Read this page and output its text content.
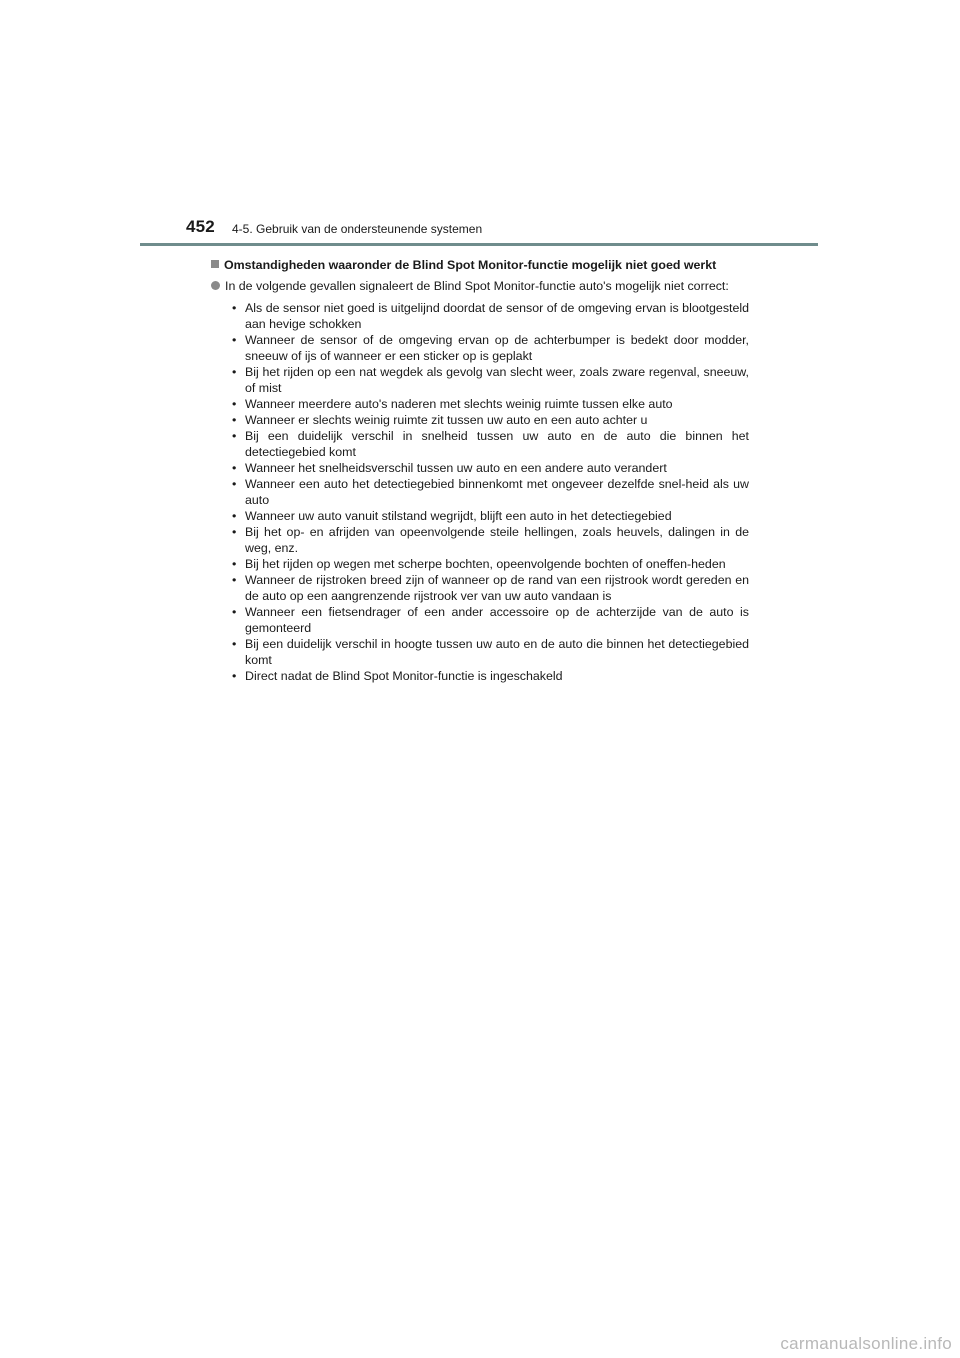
452 4-5. Gebruik van de ondersteunende systemen
Omstandigheden waaronder de Blind Spot Monitor-functie mogelijk niet goed werkt
In de volgende gevallen signaleert de Blind Spot Monitor-functie auto's mogelijk niet correct:
• Als de sensor niet goed is uitgelijnd doordat de sensor of de omgeving ervan is blootgesteld aan hevige schokken
• Wanneer de sensor of de omgeving ervan op de achterbumper is bedekt door modder, sneeuw of ijs of wanneer er een sticker op is geplakt
• Bij het rijden op een nat wegdek als gevolg van slecht weer, zoals zware regenval, sneeuw, of mist
• Wanneer meerdere auto's naderen met slechts weinig ruimte tussen elke auto
• Wanneer er slechts weinig ruimte zit tussen uw auto en een auto achter u
• Bij een duidelijk verschil in snelheid tussen uw auto en de auto die binnen het detectiegebied komt
• Wanneer het snelheidsverschil tussen uw auto en een andere auto verandert
• Wanneer een auto het detectiegebied binnenkomt met ongeveer dezelfde snel-heid als uw auto
• Wanneer uw auto vanuit stilstand wegrijdt, blijft een auto in het detectiegebied
• Bij het op- en afrijden van opeenvolgende steile hellingen, zoals heuvels, dalingen in de weg, enz.
• Bij het rijden op wegen met scherpe bochten, opeenvolgende bochten of oneffen-heden
• Wanneer de rijstroken breed zijn of wanneer op de rand van een rijstrook wordt gereden en de auto op een aangrenzende rijstrook ver van uw auto vandaan is
• Wanneer een fietsendrager of een ander accessoire op de achterzijde van de auto is gemonteerd
• Bij een duidelijk verschil in hoogte tussen uw auto en de auto die binnen het detectiegebied komt
• Direct nadat de Blind Spot Monitor-functie is ingeschakeld
carmanualsonline.info
